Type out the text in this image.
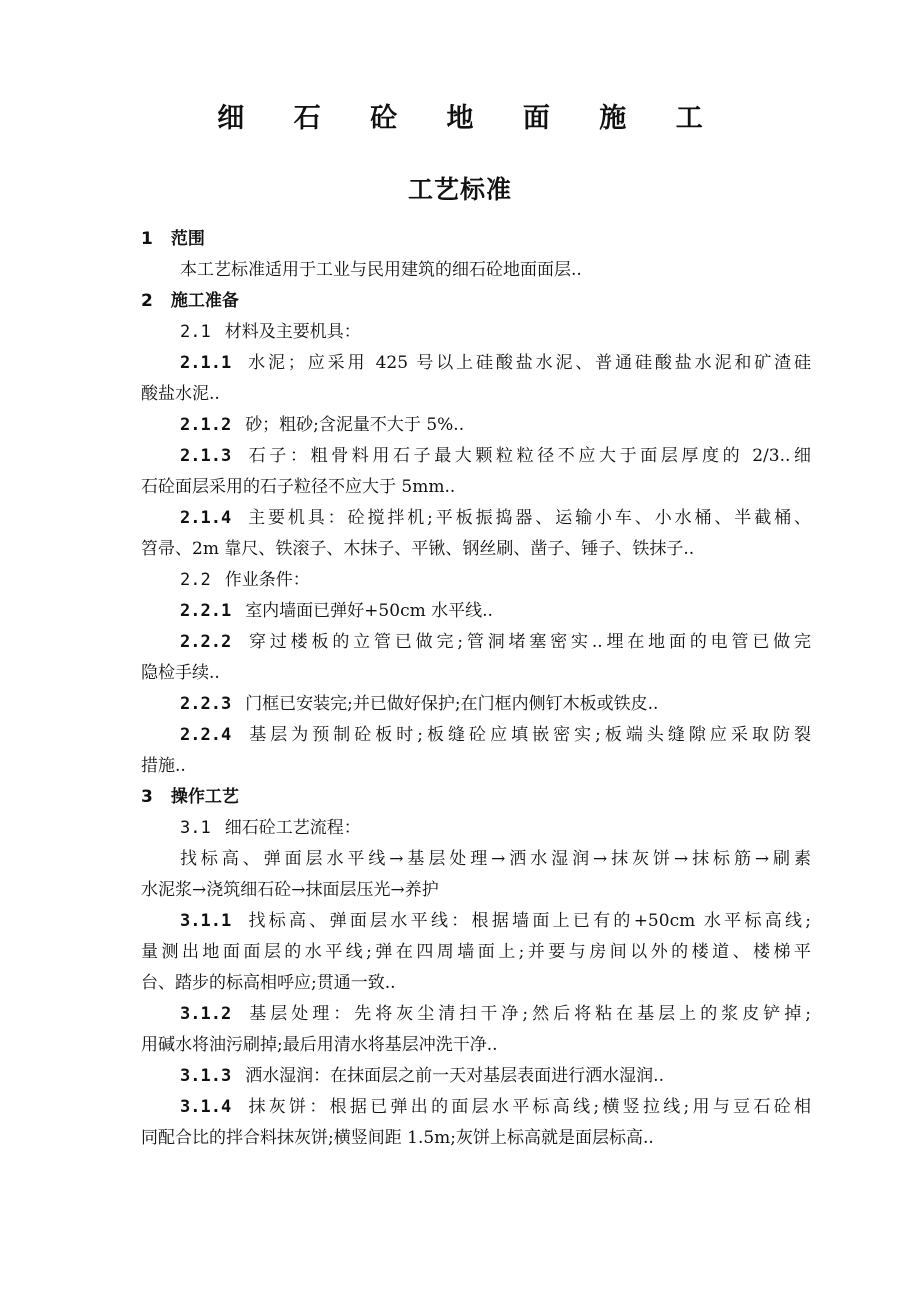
细 石 砼 地 面 施 工
工艺标准
1 范围
本工艺标准适用于工业与民用建筑的细石砼地面面层..
2 施工准备
2.1 材料及主要机具：
2.1.1 水泥；应采用 425 号以上硅酸盐水泥、普通硅酸盐水泥和矿渣硅
酸盐水泥..
2.1.2 砂；粗砂;含泥量不大于 5%..
2.1.3 石子：粗骨料用石子最大颗粒粒径不应大于面层厚度的 2/3..细
石砼面层采用的石子粒径不应大于 5mm..
2.1.4 主要机具：砼搅拌机;平板振捣器、运输小车、小水桶、半截桶、
笤帚、2m 靠尺、铁滚子、木抹子、平锹、钢丝刷、凿子、锤子、铁抹子..
2.2 作业条件：
2.2.1 室内墙面已弹好+50cm 水平线..
2.2.2 穿过楼板的立管已做完;管洞堵塞密实..埋在地面的电管已做完
隐检手续..
2.2.3 门框已安装完;并已做好保护;在门框内侧钉木板或铁皮..
2.2.4 基层为预制砼板时;板缝砼应填嵌密实;板端头缝隙应采取防裂
措施..
3 操作工艺
3.1 细石砼工艺流程：
找标高、弹面层水平线→基层处理→洒水湿润→抹灰饼→抹标筋→刷素
水泥浆→浇筑细石砼→抹面层压光→养护
3.1.1 找标高、弹面层水平线：根据墙面上已有的+50cm 水平标高线;
量测出地面面层的水平线;弹在四周墙面上;并要与房间以外的楼道、楼梯平
台、踏步的标高相呼应;贯通一致..
3.1.2 基层处理：先将灰尘清扫干净;然后将粘在基层上的浆皮铲掉;
用碱水将油污刷掉;最后用清水将基层冲洗干净..
3.1.3 洒水湿润：在抹面层之前一天对基层表面进行洒水湿润..
3.1.4 抹灰饼：根据已弹出的面层水平标高线;横竖拉线;用与豆石砼相
同配合比的拌合料抹灰饼;横竖间距 1.5m;灰饼上标高就是面层标高..
